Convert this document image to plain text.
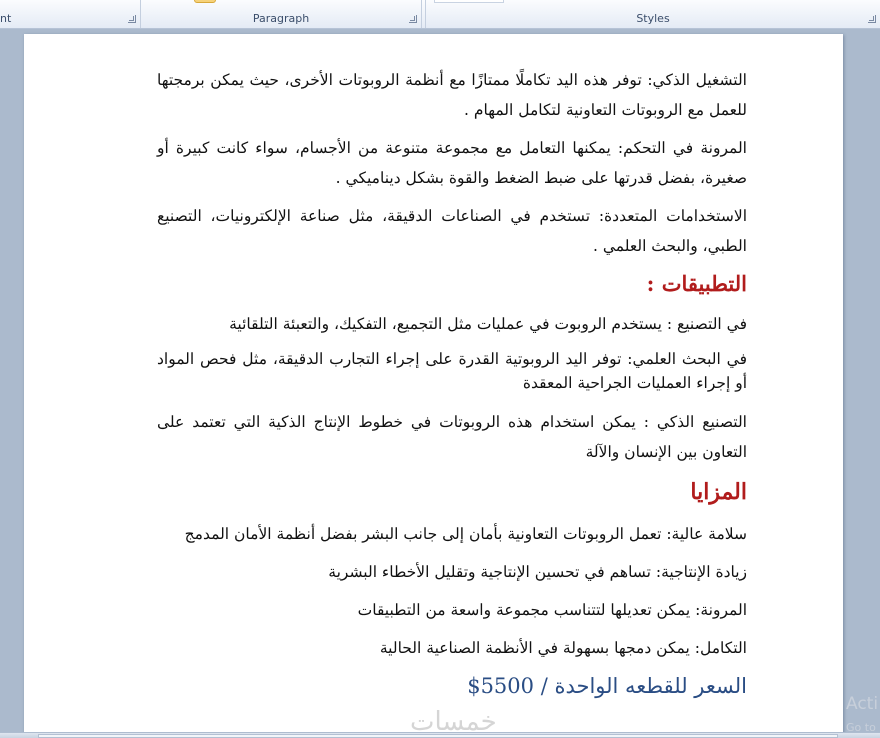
nt	Paragraph	Styles

التشغيل الذكي: توفر هذه اليد تكاملًا ممتازًا مع أنظمة الروبوتات الأخرى، حيث يمكن برمجتها للعمل مع الروبوتات التعاونية لتكامل المهام .

المرونة في التحكم: يمكنها التعامل مع مجموعة متنوعة من الأجسام، سواء كانت كبيرة أو صغيرة، بفضل قدرتها على ضبط الضغط والقوة بشكل ديناميكي .

الاستخدامات المتعددة: تستخدم في الصناعات الدقيقة، مثل صناعة الإلكترونيات، التصنيع الطبي، والبحث العلمي .

التطبيقات :

في التصنيع : يستخدم الروبوت في عمليات مثل التجميع، التفكيك، والتعبئة التلقائية

في البحث العلمي: توفر اليد الروبوتية القدرة على إجراء التجارب الدقيقة، مثل فحص المواد أو إجراء العمليات الجراحية المعقدة

التصنيع الذكي : يمكن استخدام هذه الروبوتات في خطوط الإنتاج الذكية التي تعتمد على التعاون بين الإنسان والآلة

المزايا

سلامة عالية: تعمل الروبوتات التعاونية بأمان إلى جانب البشر بفضل أنظمة الأمان المدمج

زيادة الإنتاجية: تساهم في تحسين الإنتاجية وتقليل الأخطاء البشرية

المرونة: يمكن تعديلها لتتناسب مجموعة واسعة من التطبيقات

التكامل: يمكن دمجها بسهولة في الأنظمة الصناعية الحالية

السعر للقطعه الواحدة / 5500$

خمسات
Acti
Go to
